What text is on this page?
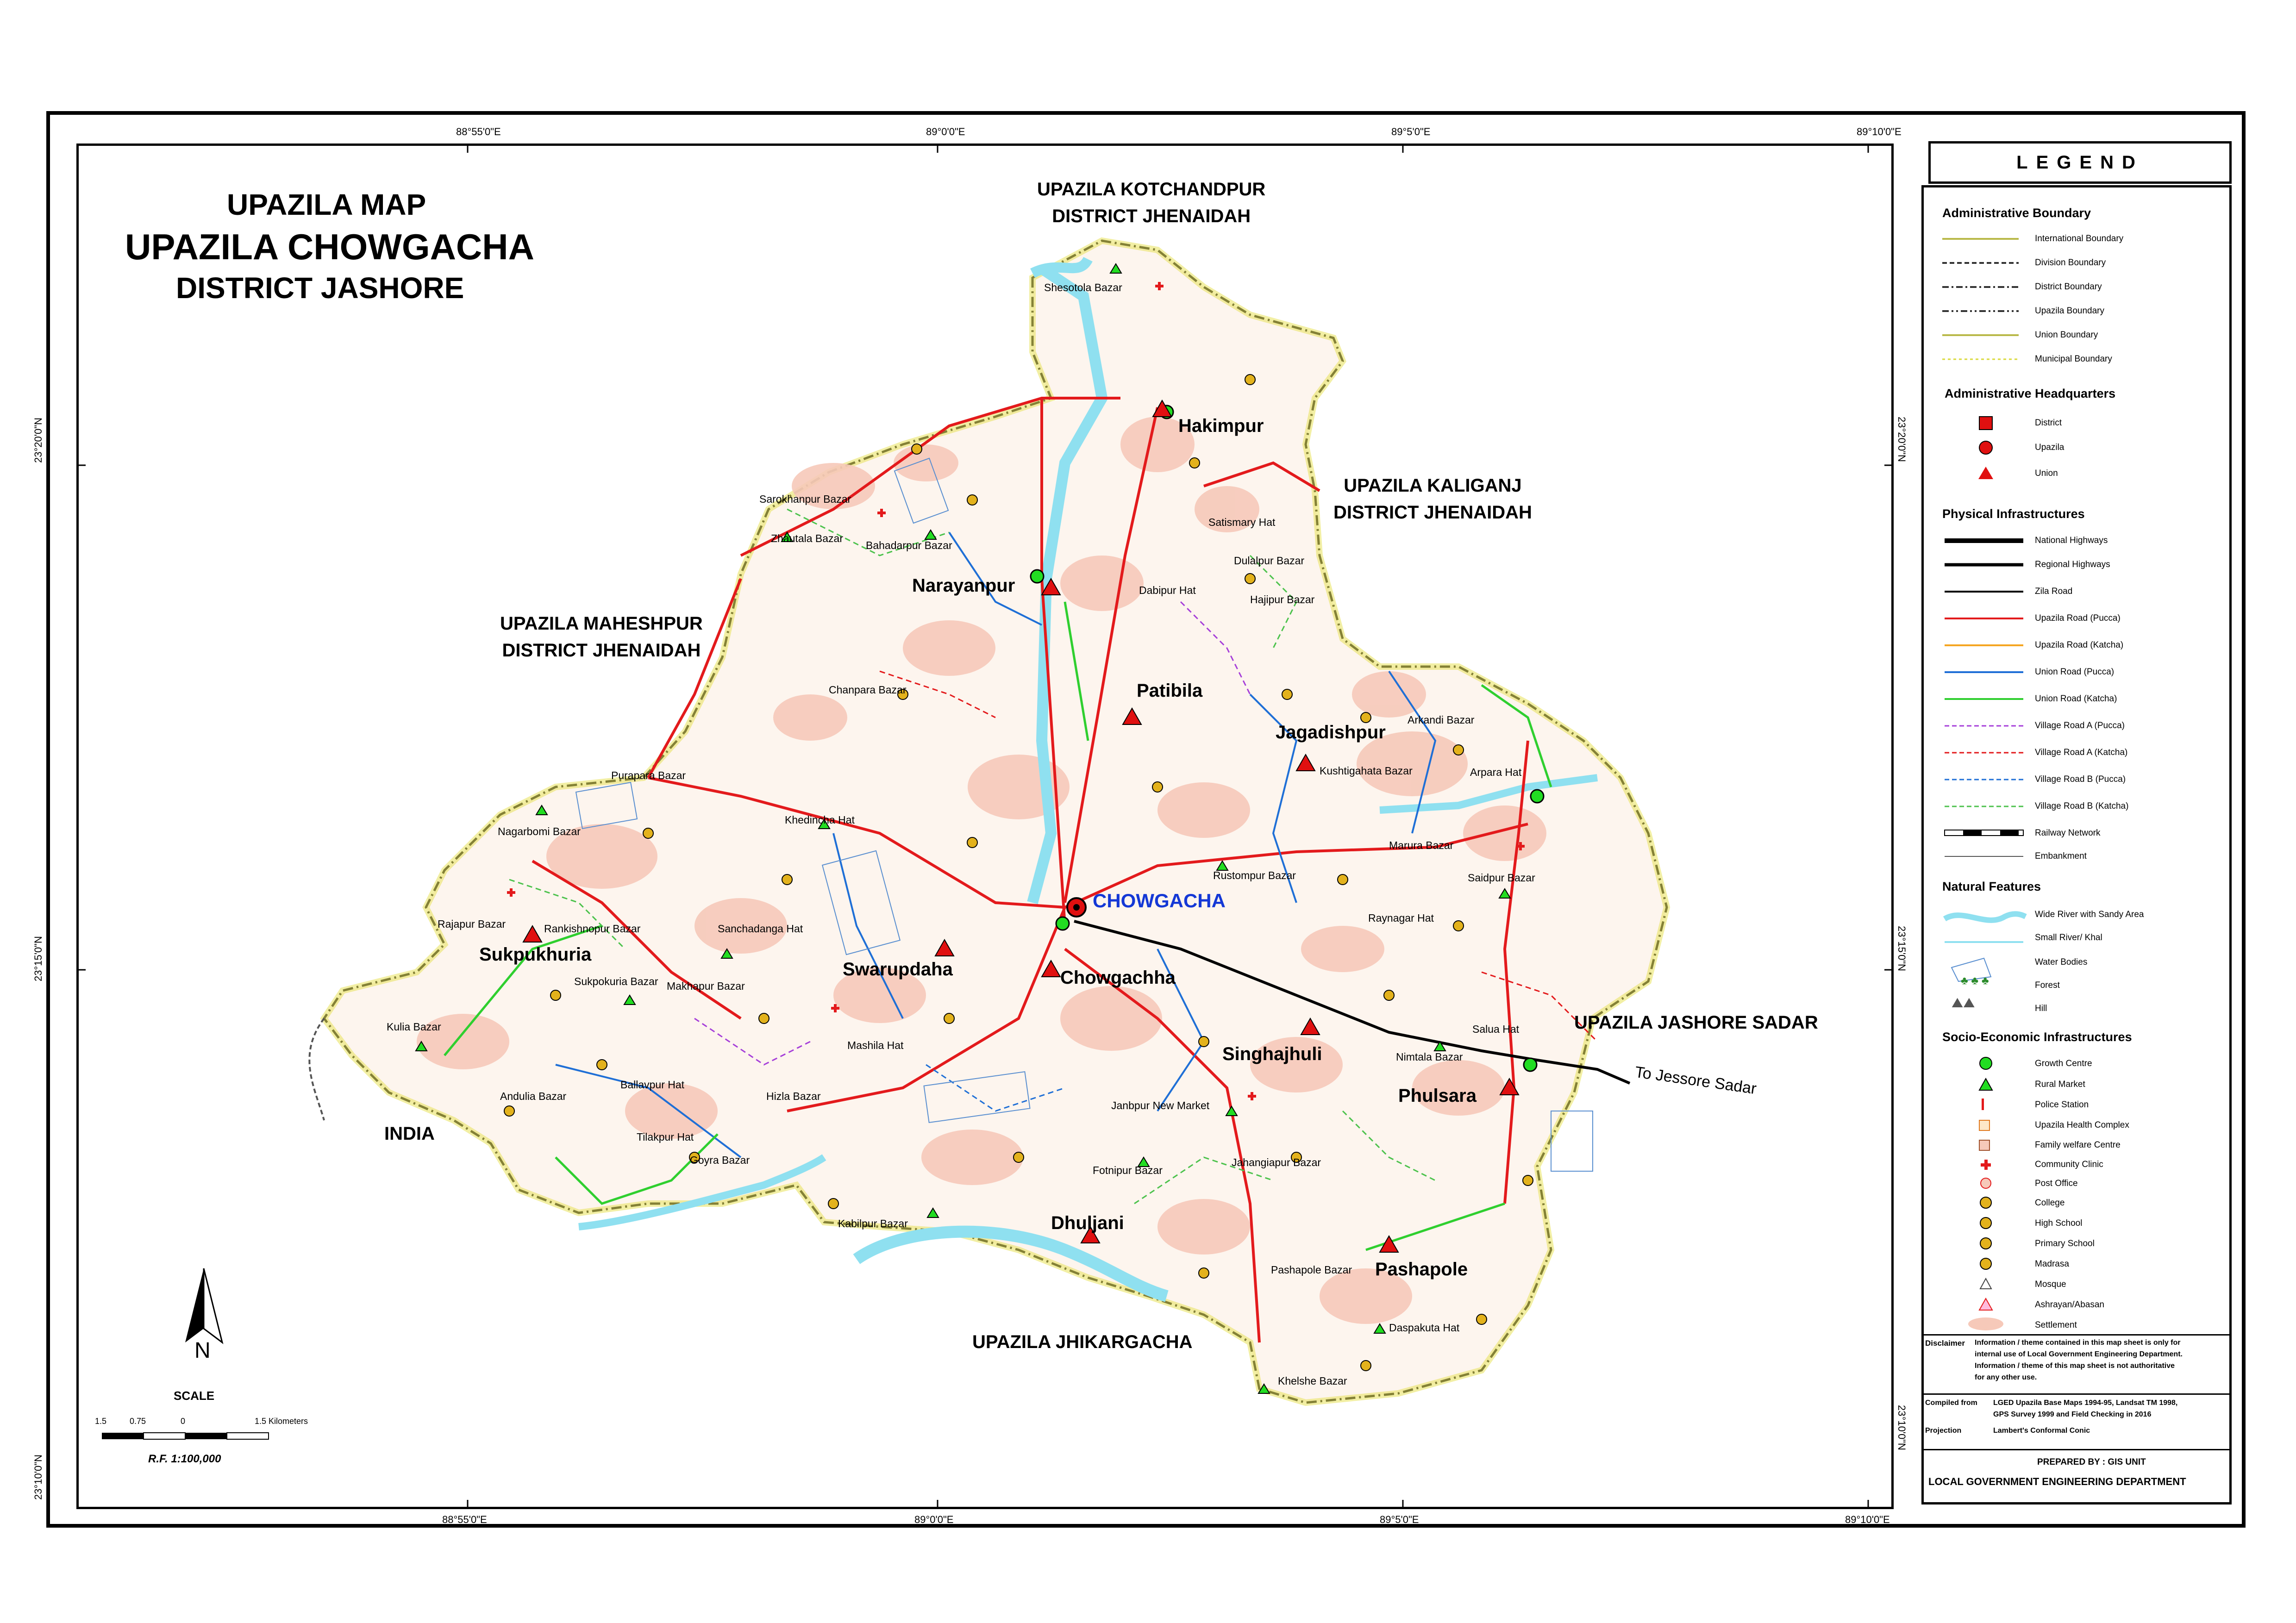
88°55'0"E	89°0'0"E	89°5'0"E	89°10'0"E
88°55'0"E	89°0'0"E	89°5'0"E	89°10'0"E
23°20'0"N
23°15'0"N
23°10'0"N
23°20'0"N
23°15'0"N
23°10'0"N
UPAZILA MAP
UPAZILA CHOWGACHA
DISTRICT JASHORE
UPAZILA KOTCHANDPUR
DISTRICT JHENAIDAH
UPAZILA KALIGANJ
DISTRICT JHENAIDAH
UPAZILA MAHESHPUR
DISTRICT JHENAIDAH
UPAZILA JASHORE SADAR
UPAZILA JHIKARGACHA
INDIA
To Jessore Sadar
CHOWGACHA
Hakimpur
Narayanpur
Patibila
Jagadishpur
Sukpukhuria
Swarupdaha	Chowgachha
Singhajhuli
Phulsara
Dhuljani
Pashapole
Shesotola Bazar
Sarokhanpur Bazar
Bahadarpur Bazar
Zhautala Bazar
Satismary Hat
Dulalpur Bazar
Dabipur Hat
Hajipur Bazar
Chanpara Bazar
Arkandi Bazar
Kushtigahata Bazar	Arpara Hat
Purapara Bazar
Nagarbomi Bazar
Khedincha Hat
Marura Bazar
Saidpur Bazar
Rustompur Bazar
Rajapur Bazar	Rankishnopur Bazar	Sanchadanga Hat
Raynagar Hat
Sukpokuria Bazar Makhapur Bazar
Kulia Bazar
Mashila Hat
Salua Hat
Nimtala Bazar
Andulia Bazar
Ballavpur Hat
Hizla Bazar
Janbpur New Market
Tilakpur Hat
Goyra Bazar	Jahangiapur Bazar
Fotnipur Bazar
Kabilpur Bazar
Pashapole Bazar
Daspakuta Hat
Khelshe Bazar
N
SCALE
1.5	0.75	0	1.5 Kilometers
R.F. 1:100,000
LEGEND
Administrative Boundary
International Boundary
Division Boundary
District Boundary
Upazila Boundary
Union Boundary
Municipal Boundary
Administrative Headquarters
District
Upazila
Union
Physical Infrastructures
National Highways
Regional Highways
Zila Road
Upazila Road (Pucca)
Upazila Road (Katcha)
Union Road (Pucca)
Union Road (Katcha)
Village Road A (Pucca)
Village Road A (Katcha)
Village Road B (Pucca)
Village Road B (Katcha)
Railway Network
Embankment
Natural Features
Wide River with Sandy Area
Small River/ Khal
Water Bodies
Forest
Hill
♣ ♣ ♣
⛰⛰
Socio-Economic Infrastructures
Growth Centre
Rural Market
Police Station
Upazila Health Complex
Family welfare Centre
Community Clinic
Post Office
College
High School
Primary School
Madrasa
Mosque
Ashrayan/Abasan
Settlement
Disclaimer Information / theme contained in this map sheet is only for
internal use of Local Government Engineering Department.
Information / theme of this map sheet is not authoritative
for any other use.
Compiled from LGED Upazila Base Maps 1994-95, Landsat TM 1998,
GPS Survey 1999 and Field Checking in 2016
Projection	Lambert's Conformal Conic
PREPARED BY : GIS UNIT
LOCAL GOVERNMENT ENGINEERING DEPARTMENT
